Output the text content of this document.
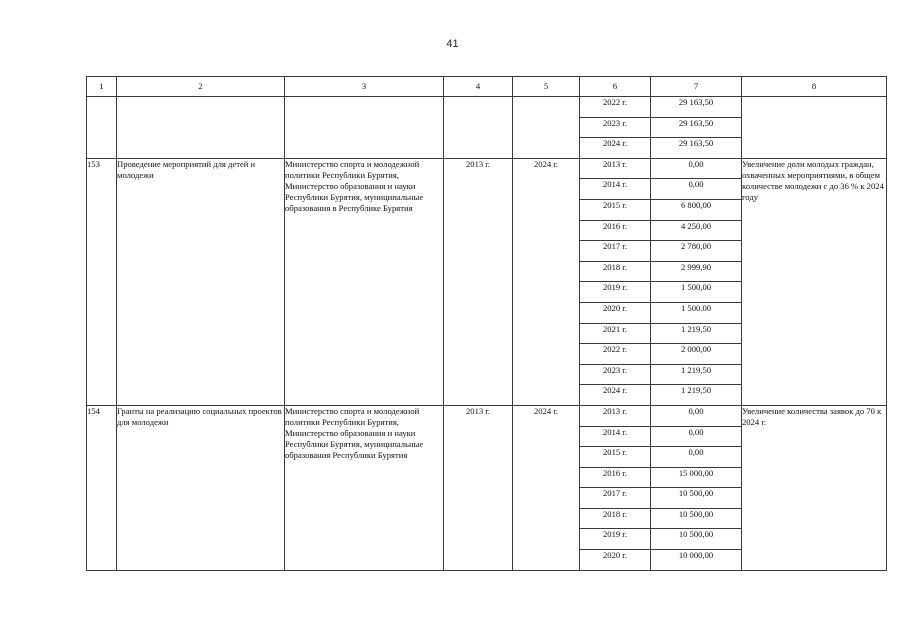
41
1	2	3	4	5	6	7	8
					2022 г.	29 163,50	
					2023 г.	29 163,50	
					2024 г.	29 163,50	
153	Проведение мероприятий для детей и молодежи	Министерство спорта и молодежной политики Республики Бурятия, Министерство образования и науки Республики Бурятия, муниципальные образования в Республике Бурятия	2013 г.	2024 г.	2013 г.	0,00	Увеличение доли молодых граждан, охваченных мероприятиями, в общем количестве молодежи с до 36 % к 2024 году
					2014 г.	0,00	
					2015 г.	6 800,00	
					2016 г.	4 250,00	
					2017 г.	2 780,00	
					2018 г.	2 999,90	
					2019 г.	1 500,00	
					2020 г.	1 500.00	
					2021 г.	1 219,50	
					2022 г.	2 000,00	
					2023 г.	1 219,50	
					2024 г.	1 219,50	
154	Гранты на реализацию социальных проектов для молодежи	Министерство спорта и молодежной политики Республики Бурятия, Министерство образования и науки Республики Бурятия, муниципальные образования Республики Бурятия	2013 г.	2024 г.	2013 г.	0,00	Увеличение количества заявок до 70 к 2024 г.
					2014 г.	0,00	
					2015 г.	0,00	
					2016 г.	15 000,00	
					2017 г.	10 500,00	
					2018 г.	10 500,00	
					2019 г.	10 500,00	
					2020 г.	10 000,00	
